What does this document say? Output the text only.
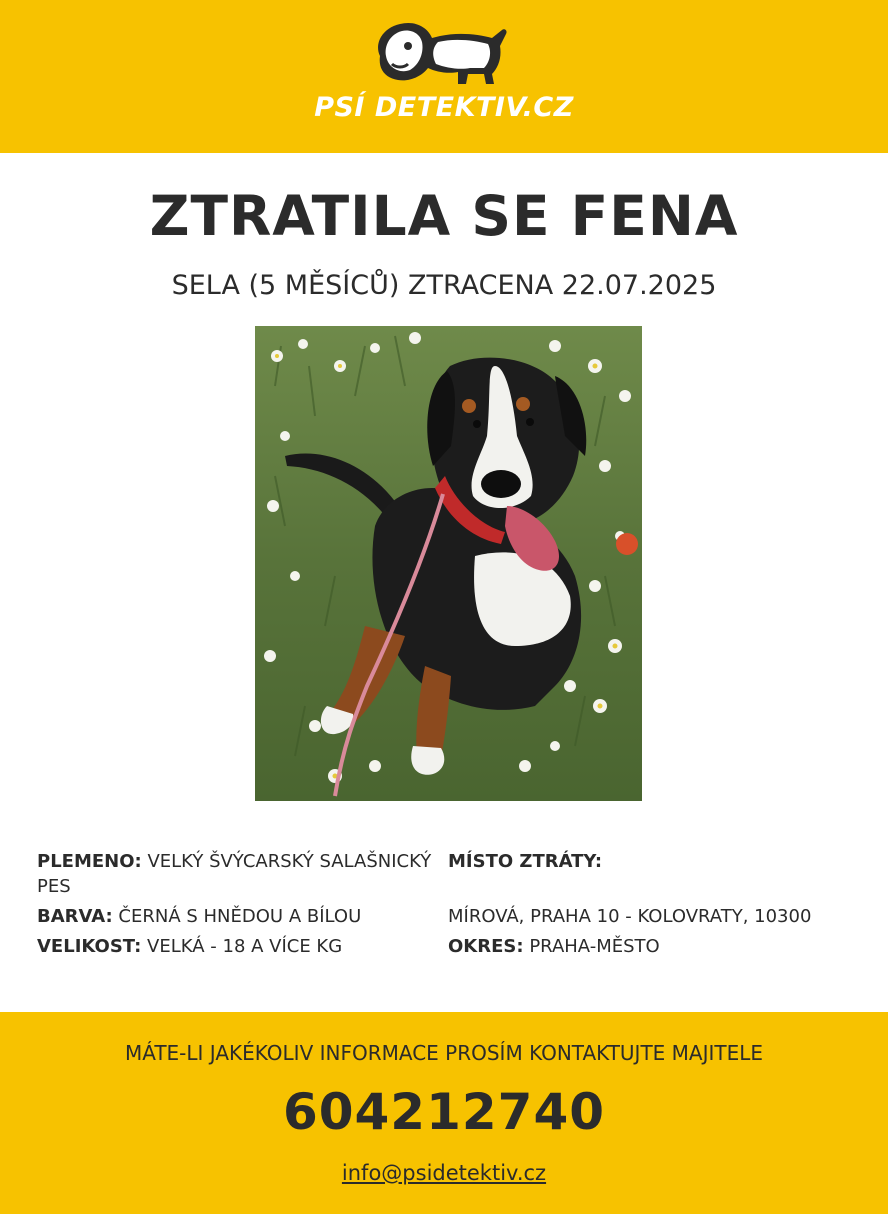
PSÍ DETEKTIV.CZ
ZTRATILA SE FENA
SELA (5 MĚSÍCŮ) ZTRACENA 22.07.2025
PLEMENO: VELKÝ ŠVÝCARSKÝ SALAŠNICKÝ
PES
BARVA: ČERNÁ S HNĚDOU A BÍLOU
VELIKOST: VELKÁ - 18 A VÍCE KG
MÍSTO ZTRÁTY:
MÍROVÁ, PRAHA 10 - KOLOVRATY, 10300
OKRES: PRAHA-MĚSTO
MÁTE-LI JAKÉKOLIV INFORMACE PROSÍM KONTAKTUJTE MAJITELE
604212740
info@psidetektiv.cz
